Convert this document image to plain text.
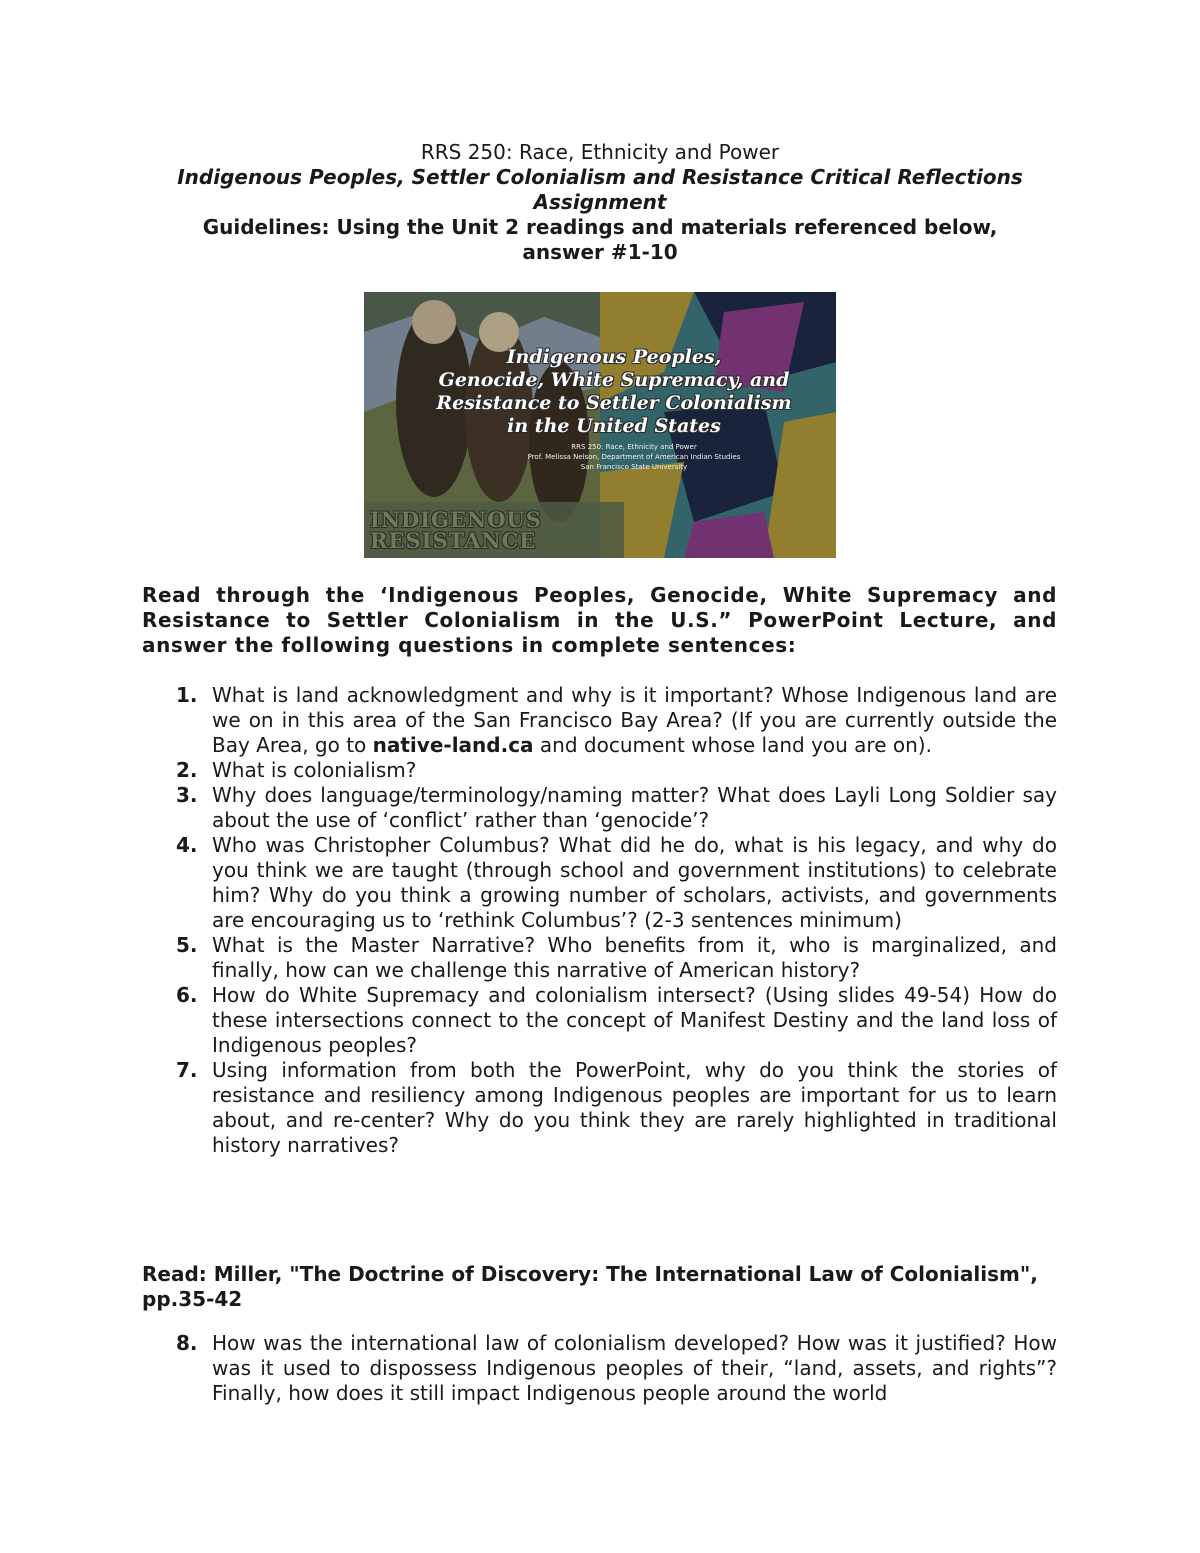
RRS 250: Race, Ethnicity and Power
Indigenous Peoples, Settler Colonialism and Resistance Critical Reflections
Assignment
Guidelines: Using the Unit 2 readings and materials referenced below,
answer #1-10
Indigenous Peoples,
Genocide, White Supremacy, and
Resistance to Settler Colonialism
in the United States
RRS 250: Race, Ethnicity and Power
Prof. Melissa Nelson, Department of American Indian Studies
San Francisco State University
INDIGENOUS
RESISTANCE
Read through the ‘Indigenous Peoples, Genocide, White Supremacy and Resistance to Settler Colonialism in the U.S.” PowerPoint Lecture, and answer the following questions in complete sentences:
1. What is land acknowledgment and why is it important? Whose Indigenous land are we on in this area of the San Francisco Bay Area? (If you are currently outside the Bay Area, go to native-land.ca and document whose land you are on).
2. What is colonialism?
3. Why does language/terminology/naming matter? What does Layli Long Soldier say about the use of ‘conflict’ rather than ‘genocide’?
4. Who was Christopher Columbus? What did he do, what is his legacy, and why do you think we are taught (through school and government institutions) to celebrate him? Why do you think a growing number of scholars, activists, and governments are encouraging us to ‘rethink Columbus’? (2-3 sentences minimum)
5. What is the Master Narrative? Who benefits from it, who is marginalized, and finally, how can we challenge this narrative of American history?
6. How do White Supremacy and colonialism intersect? (Using slides 49-54) How do these intersections connect to the concept of Manifest Destiny and the land loss of Indigenous peoples?
7. Using information from both the PowerPoint, why do you think the stories of resistance and resiliency among Indigenous peoples are important for us to learn about, and re-center? Why do you think they are rarely highlighted in traditional history narratives?
Read: Miller, "The Doctrine of Discovery: The International Law of Colonialism", pp.35-42
8. How was the international law of colonialism developed? How was it justified? How was it used to dispossess Indigenous peoples of their, “land, assets, and rights”? Finally, how does it still impact Indigenous people around the world
